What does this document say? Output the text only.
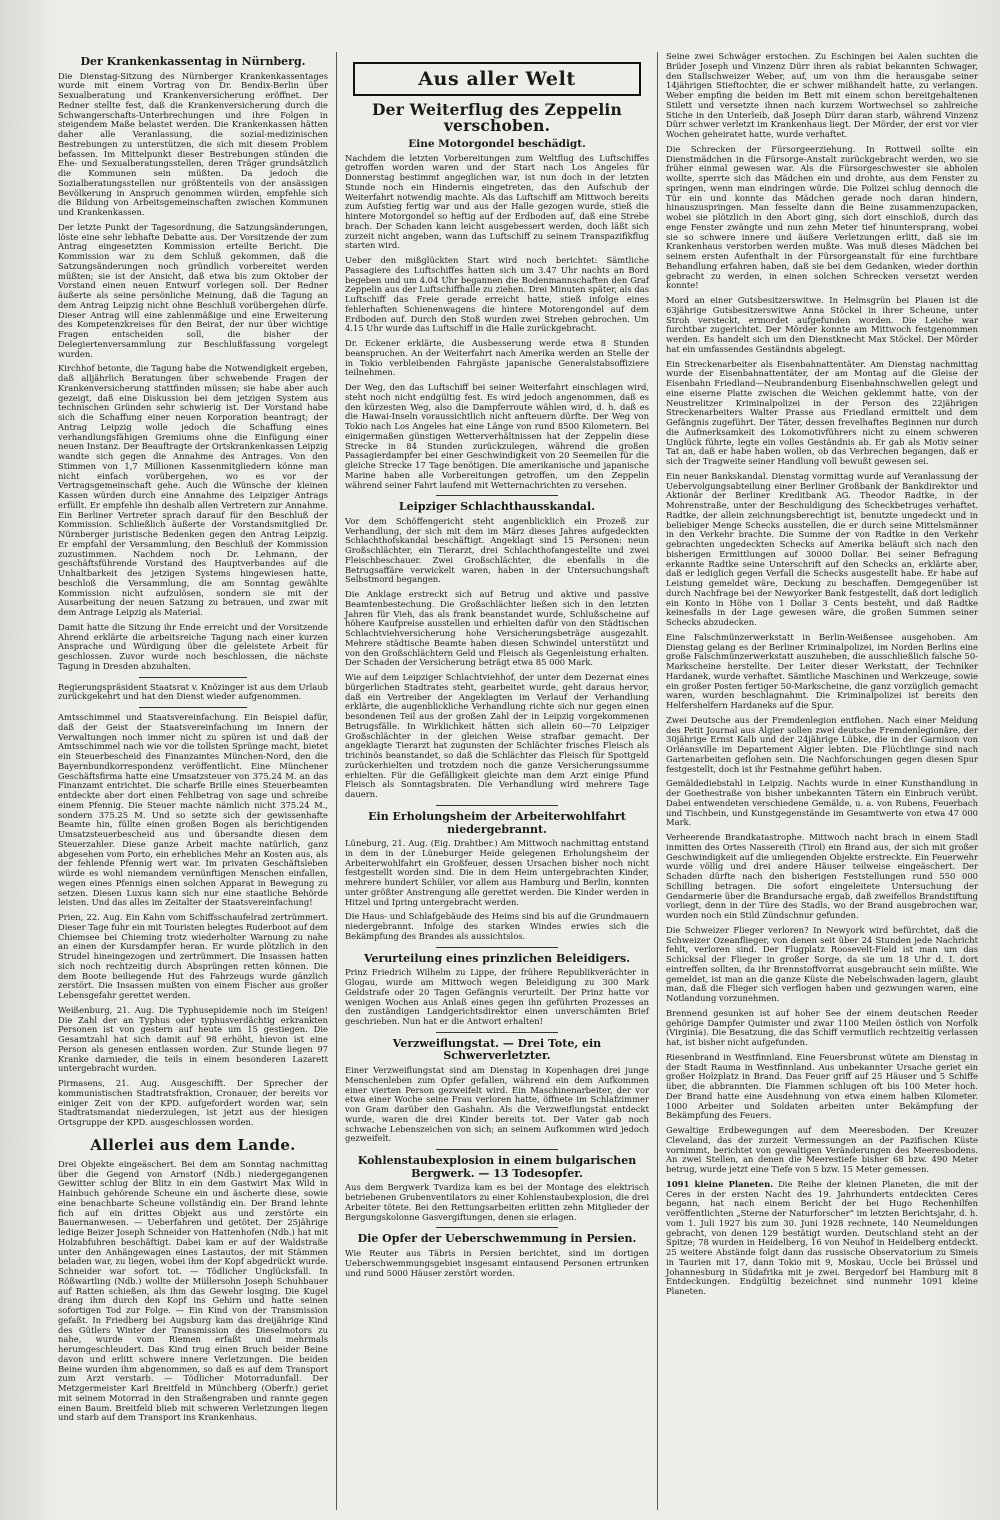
Der Krankenkassentag in Nürnberg.

Die Dienstag-Sitzung des Nürnberger Krankenkassentages wurde mit einem Vortrag von Dr. Bendix-Berlin über Sexualberatung und Krankenversicherung eröffnet. Der Redner stellte fest, daß die Krankenversicherung durch die Schwangerschafts-Unterbrechungen und ihre Folgen in steigendem Maße belastet werden. Die Krankenkassen hätten daher alle Veranlassung, die sozial-medizinischen Bestrebungen zu unterstützen, die sich mit diesem Problem befassen. Im Mittelpunkt dieser Bestrebungen stünden die Ehe- und Sexualberatungsstellen, deren Träger grundsätzlich die Kommunen sein müßten. Da jedoch die Sozialberatungsstellen nur größtenteils von der ansässigen Bevölkerung in Anspruch genommen würden, empfehle sich die Bildung von Arbeitsgemeinschaften zwischen Kommunen und Krankenkassen.

Der letzte Punkt der Tagesordnung, die Satzungsänderungen, löste eine sehr lebhafte Debatte aus. Der Vorsitzende der zum Antrag eingesetzten Kommission erteilte Bericht. Die Kommission war zu dem Schluß gekommen, daß die Satzungsänderungen noch gründlich vorbereitet werden müßten; sie ist der Ansicht, daß etwa bis zum Oktober der Vorstand einen neuen Entwurf vorlegen soll. Der Redner äußerte als seine persönliche Meinung, daß die Tagung an dem Antrag Leipzig nicht ohne Beschluß vorübergehen dürfe. Dieser Antrag will eine zahlenmäßige und eine Erweiterung des Kompetenzkreises für den Beirat, der nur über wichtige Fragen entscheiden soll, die bisher der Delegiertenversammlung zur Beschlußfassung vorgelegt wurden.

Kirchhof betonte, die Tagung habe die Notwendigkeit ergeben, daß alljährlich Beratungen über schwebende Fragen der Krankenversicherung stattfinden müssen; sie habe aber auch gezeigt, daß eine Diskussion bei dem jetzigen System aus technischen Gründen sehr schwierig ist. Der Vorstand habe sich die Schaffung einer neuen Korporation beantragt; der Antrag Leipzig wolle jedoch die Schaffung eines verhandlungsfähigen Gremiums ohne die Einfügung einer neuen Instanz. Der Beauftragte der Ortskrankenkassen Leipzig wandte sich gegen die Annahme des Antrages. Von den Stimmen von 1,7 Millionen Kassenmitgliedern könne man nicht einfach vorübergehen, wo es vor der Vertragsgemeinschaft gehe. Auch die Wünsche der kleinen Kassen würden durch eine Annahme des Leipziger Antrags erfüllt. Er empfehle ihn deshalb allen Vertretern zur Annahme. Ein Berliner Vertreter sprach darauf für den Beschluß der Kommission. Schließlich äußerte der Vorstandsmitglied Dr. Nürnberger juristische Bedenken gegen den Antrag Leipzig. Er empfahl der Versammlung, den Beschluß der Kommission zuzustimmen. Nachdem noch Dr. Lehmann, der geschäftsführende Vorstand des Hauptverbandes auf die Unhaltbarkeit des jetzigen Systems hingewiesen hatte, beschloß die Versammlung, die am Sonntag gewählte Kommission nicht aufzulösen, sondern sie mit der Ausarbeitung der neuen Satzung zu betrauen, und zwar mit dem Antrage Leipzig als Material.

Damit hatte die Sitzung ihr Ende erreicht und der Vorsitzende Ahrend erklärte die arbeitsreiche Tagung nach einer kurzen Ansprache und Würdigung über die geleistete Arbeit für geschlossen. Zuvor wurde noch beschlossen, die nächste Tagung in Dresden abzuhalten.

Regierungspräsident Staatsrat v. Knözinger ist aus dem Urlaub zurückgekehrt und hat den Dienst wieder aufgenommen.

Amtsschimmel und Staatsvereinfachung. Ein Beispiel dafür, daß der Geist der Staatsvereinfachung im Innern der Verwaltungen noch immer nicht zu spüren ist und daß der Amtsschimmel nach wie vor die tollsten Sprünge macht, bietet ein Steuerbescheid des Finanzamtes München-Nord, den die Bayernbundkorrespondenz veröffentlicht. Eine Münchener Geschäftsfirma hatte eine Umsatzsteuer von 375.24 M. an das Finanzamt entrichtet. Die scharfe Brille eines Steuerbeamten entdeckte aber dort einen Fehlbetrag von sage und schreibe einem Pfennig. Die Steuer machte nämlich nicht 375.24 M., sondern 375.25 M. Und so setzte sich der gewissenhafte Beamte hin, füllte einen großen Bogen als berichtigenden Umsatzsteuerbescheid aus und übersandte diesen dem Steuerzahler. Diese ganze Arbeit machte natürlich, ganz abgesehen vom Porto, ein erhebliches Mehr an Kosten aus, als der fehlende Pfennig wert war. Im privaten Geschäftsleben würde es wohl niemandem vernünftigen Menschen einfallen, wegen eines Pfennigs einen solchen Apparat in Bewegung zu setzen. Diesen Luxus kann sich nur eine staatliche Behörde leisten. Und das alles im Zeitalter der Staatsvereinfachung!

Prien, 22. Aug. Ein Kahn vom Schiffsschaufelrad zertrümmert. Dieser Tage fuhr ein mit Touristen belegtes Ruderboot auf dem Chiemsee bei Chieming trotz wiederholter Warnung zu nahe an einen der Kursdampfer heran. Er wurde plötzlich in den Strudel hineingezogen und zertrümmert. Die Insassen hatten sich noch rechtzeitig durch Absprüngen retten können. Die dem Boote beiliegende Hut des Fahrzeugs wurde gänzlich zerstört. Die Insassen mußten von einem Fischer aus großer Lebensgefahr gerettet werden.

Weißenburg, 21. Aug. Die Typhusepidemie noch im Steigen! Die Zahl der an Typhus oder typhusverdächtig erkrankten Personen ist von gestern auf heute um 15 gestiegen. Die Gesamtzahl hat sich damit auf 98 erhöht, hievon ist eine Person als genesen entlassen worden. Zur Stunde liegen 97 Kranke darnieder, die teils in einem besonderen Lazarett untergebracht wurden.

Pirmasens, 21. Aug. Ausgeschifft. Der Sprecher der kommunistischen Stadtratsfraktion, Cronauer, der bereits vor einiger Zeit von der KPD. aufgefordert worden war, sein Stadtratsmandat niederzulegen, ist jetzt aus der hiesigen Ortsgruppe der KPD. ausgeschlossen worden.

Allerlei aus dem Lande.

Drei Objekte eingeäschert. Bei dem am Sonntag nachmittag über die Gegend von Arnstorf (Ndb.) niedergegangenen Gewitter schlug der Blitz in ein dem Gastwirt Max Wild in Hainbuch gehörende Scheune ein und äscherte diese, sowie eine benachbarte Scheune vollständig ein. Der Brand lehnte fich auf ein drittes Objekt aus und zerstörte ein Bauernanwesen. — Ueberfahren und getötet. Der 25jährige ledige Beizer Joseph Schneider von Hattenhofen (Ndb.) hat mit Holzabfuhren beschäftigt. Dabei kam er auf der Waldstraße unter den Anhängewagen eines Lastautos, der mit Stämmen beladen war, zu liegen, wobei ihm der Kopf abgedrückt wurde. Schneider war sofort tot. — Tödlicher Unglücksfall. In Rößwartling (Ndb.) wollte der Müllersohn Joseph Schuhbauer auf Ratten schießen, als ihm das Gewehr losging. Die Kugel drang ihm durch den Kopf ins Gehirn und hatte seinen sofortigen Tod zur Folge. — Ein Kind von der Transmission gefaßt. In Friedberg bei Augsburg kam das dreijährige Kind des Gütlers Winter der Transmission des Dieselmotors zu nahe, wurde vom Riemen erfaßt und mehrmals herumgeschleudert. Das Kind trug einen Bruch beider Beine davon und erlitt schwere innere Verletzungen. Die beiden Beine wurden ihm abgenommen, so daß es auf dem Transport zum Arzt verstarb. — Tödlicher Motorradunfall. Der Metzgermeister Karl Breitfeld in Münchberg (Oberfr.) geriet mit seinem Motorrad in den Straßengraben und rannte gegen einen Baum. Breitfeld blieb mit schweren Verletzungen liegen und starb auf dem Transport ins Krankenhaus.

Aus aller Welt
Der Weiterflug des Zeppelin verschoben.
Eine Motorgondel beschädigt.

Nachdem die letzten Vorbereitungen zum Weltflug des Luftschiffes getroffen worden waren und der Start nach Los Angeles für Donnerstag bestimmt angeglichen war, ist nun doch in der letzten Stunde noch ein Hindernis eingetreten, das den Aufschub der Weiterfahrt notwendig machte. Als das Luftschiff am Mittwoch bereits zum Aufstieg fertig war und aus der Halle gezogen wurde, stieß die hintere Motorgondel so heftig auf der Erdboden auf, daß eine Strebe brach. Der Schaden kann leicht ausgebessert werden, doch läßt sich zurzeit nicht angeben, wann das Luftschiff zu seinem Transpazifikflug starten wird.

Ueber den mißglückten Start wird noch berichtet: Sämtliche Passagiere des Luftschiffes hatten sich um 3.47 Uhr nachts an Bord begeben und um 4.04 Uhr begannen die Bodenmannschaften den Graf Zeppelin aus der Luftschiffhalle zu ziehen. Drei Minuten später, als das Luftschiff das Freie gerade erreicht hatte, stieß infolge eines fehlerhaften Schienenwagens die hintere Motorengondel auf dem Erdboden auf. Durch den Stoß wurden zwei Streben gebrochen. Um 4.15 Uhr wurde das Luftschiff in die Halle zurückgebracht.

Dr. Eckener erklärte, die Ausbesserung werde etwa 8 Stunden beanspruchen. An der Weiterfahrt nach Amerika werden an Stelle der in Tokio verbleibenden Fahrgäste japanische Generalstabsoffiziere teilnehmen.

Der Weg, den das Luftschiff bei seiner Weiterfahrt einschlagen wird, steht noch nicht endgültig fest. Es wird jedoch angenommen, daß es den kürzesten Weg, also die Dampferroute wählen wird, d. h. daß es die Hawai-Inseln voraussichtlich nicht anfteuern dürfte. Der Weg von Tokio nach Los Angeles hat eine Länge von rund 8500 Kilometern. Bei einigermaßen günstigen Wetterverhältnissen hat der Zeppelin diese Strecke in 84 Stunden zurückzulegen, während die großen Passagierdampfer bei einer Geschwindigkeit von 20 Seemeilen für die gleiche Strecke 17 Tage benötigen. Die amerikanische und japanische Marine haben alle Vorbereitungen getroffen, um den Zeppelin während seiner Fahrt laufend mit Wetternachrichten zu versehen.

Leipziger Schlachthausskandal.

Vor dem Schöffengericht steht augenblicklich ein Prozeß zur Verhandlung, der sich mit dem im März dieses Jahres aufgedeckten Schlachthofskandal beschäftigt. Angeklagt sind 15 Personen: neun Großschlächter, ein Tierarzt, drei Schlachthofangestellte und zwei Fleischbeschauer. Zwei Großschlächter, die ebenfalls in die Betrugsaffäre verwickelt waren, haben in der Untersuchungshaft Selbstmord begangen.

Die Anklage erstreckt sich auf Betrug und aktive und passive Beamtenbestechung. Die Großschlächter ließen sich in den letzten Jahren für Vieh, das als frank beanstandet wurde, Schlußscheine auf höhere Kaufpreise ausstellen und erhielten dafür von den Städtischen Schlachtviehversicherung hohe Versicherungsbeträge ausgezahlt. Mehrere städtische Beamte haben diesen Schwindel unterstützt und von den Großschlächtern Geld und Fleisch als Gegenleistung erhalten. Der Schaden der Versicherung beträgt etwa 85 000 Mark.

Wie auf dem Leipziger Schlachtviehhof, der unter dem Dezernat eines bürgerlichen Stadtrates steht, gearbeitet wurde, geht daraus hervor, daß ein Vertreiber der Angeklagten im Verlauf der Verhandlung erklärte, die augenblickliche Verhandlung richte sich nur gegen einen besondenen Teil aus der großen Zahl der in Leipzig vorgekommenen Betrugsfälle. In Wirklichkeit hätten sich allein 60—70 Leipziger Großschlächter in der gleichen Weise strafbar gemacht. Der angeklagte Tierarzt hat zugunsten der Schlächter frisches Fleisch als trichinös beanstandet, so daß die Schlächter das Fleisch für Spottgeld zurückerhielten und trotzdem noch die ganze Versicherungssumme erhielten. Für die Gefälligkeit gleichte man dem Arzt einige Pfund Fleisch als Sonntagsbraten. Die Verhandlung wird mehrere Tage dauern.

Ein Erholungsheim der Arbeiterwohlfahrt niedergebrannt.

Lüneburg, 21. Aug. (Eig. Drahtber.) Am Mittwoch nachmittag entstand in dem in der Lüneburger Heide gelegenen Erholungsheim der Arbeiterwohlfahrt ein Großfeuer, dessen Ursachen bisher noch nicht festgestellt worden sind. Die in dem Heim untergebrachten Kinder, mehrere hundert Schüler, vor allem aus Hamburg und Berlin, konnten unter größter Anstrengung alle gerettet werden. Die Kinder werden in Hitzel und Ipring untergebracht werden.

Die Haus- und Schlafgebäude des Heims sind bis auf die Grundmauern niedergebrannt. Infolge des starken Windes erwies sich die Bekämpfung des Brandes als aussichtslos.

Verurteilung eines prinzlichen Beleidigers.

Prinz Friedrich Wilhelm zu Lippe, der frühere Republikverächter in Glogau, wurde am Mittwoch wegen Beleidigung zu 300 Mark Geldstrafe oder 20 Tagen Gefängnis verurteilt. Der Prinz hatte vor wenigen Wochen aus Anlaß eines gegen ihn geführten Prozesses an den zuständigen Landgerichtsdirektor einen unverschämten Brief geschrieben. Nun hat er die Antwort erhalten!

Verzweiflungstat. — Drei Tote, ein Schwerverletzter.

Einer Verzweiflungstat sind am Dienstag in Kopenhagen drei junge Menschenleben zum Opfer gefallen, während ein dem Aufkommen einer vierten Person gezweifelt wird. Ein Maschinenarbeiter, der vor etwa einer Woche seine Frau verloren hatte, öffnete im Schlafzimmer von Gram darüber den Gashahn. Als die Verzweiflungstat entdeckt wurde, waren die drei Kinder bereits tot. Der Vater gab noch schwache Lebenszeichen von sich; an seinem Aufkommen wird jedoch gezweifelt.

Kohlenstaubexplosion in einem bulgarischen Bergwerk. — 13 Todesopfer.

Aus dem Bergwerk Tvardiza kam es bei der Montage des elektrisch betriebenen Grubenventilators zu einer Kohlenstaubexplosion, die drei Arbeiter tötete. Bei den Rettungsarbeiten erlitten zehn Mitglieder der Bergungskolonne Gasvergiftungen, denen sie erlagen.

Die Opfer der Ueberschwemmung in Persien.

Wie Reuter aus Täbris in Persien berichtet, sind im dortigen Ueberschwemmungsgebiet insgesamt eintausend Personen ertrunken und rund 5000 Häuser zerstört worden.

Seine zwei Schwäger erstochen. Zu Eschingen bei Aalen suchten die Brüder Joseph und Vinzenz Dürr ihren als rabiat bekannten Schwager, den Stallschweizer Weber, auf, um von ihm die herausgabe seiner 14jährigen Stieftochter, die er schwer mißhandelt hatte, zu verlangen. Weber empfing die beiden im Bett mit einem schon bereitgehaltenen Stilett und versetzte ihnen nach kurzem Wortwechsel so zahlreiche Stiche in den Unterleib, daß Joseph Dürr daran starb, während Vinzenz Dürr schwer verletzt im Krankenhaus liegt. Der Mörder, der erst vor vier Wochen geheiratet hatte, wurde verhaftet.

Die Schrecken der Fürsorgeerziehung. In Rottweil sollte ein Dienstmädchen in die Fürsorge-Anstalt zurückgebracht werden, wo sie früher einmal gewesen war. Als die Fürsorgeschwester sie abholen wollte, sperrte sich das Mädchen ein und drohte, aus dem Fenster zu springen, wenn man eindringen würde. Die Polizei schlug dennoch die Tür ein und konnte das Mädchen gerade noch daran hindern, hinauszuspringen. Man fesselte dann die Beine zusammenzupacken, wobei sie plötzlich in den Abort ging, sich dort einschloß, durch das enge Fenster zwängte und nun zehn Meter tief hinuntersprang, wobei sie so schwere innere und äußere Verletzungen erlitt, daß sie im Krankenhaus verstorben werden mußte. Was muß dieses Mädchen bei seinem ersten Aufenthalt in der Fürsorgeanstalt für eine furchtbare Behandlung erfahren haben, daß sie bei dem Gedanken, wieder dorthin gebracht zu werden, in einen solchen Schrecken versetzt werden konnte!

Mord an einer Gutsbesitzerswitwe. In Helmsgrün bei Plauen ist die 63jährige Gutsbesitzerswitwe Anna Stöckel in ihrer Scheune, unter Stroh versteckt, ermordet aufgefunden worden. Die Leiche war furchtbar zugerichtet. Der Mörder konnte am Mittwoch festgenommen werden. Es handelt sich um den Dienstknecht Max Stöckel. Der Mörder hat ein umfassendes Geständnis abgelegt.

Ein Streckenarbeiter als Eisenbahnattentäter. Am Dienstag nachmittag wurde der Eisenbahnattentäter, der am Montag auf die Gleise der Eisenbahn Friedland—Neubrandenburg Eisenbahnschwellen gelegt und eine eiserne Platte zwischen die Weichen geklemmt hatte, von der Neustrelitzer Kriminalpolizei in der Person des 22jährigen Streckenarbeiters Walter Prasse aus Friedland ermittelt und dem Gefängnis zugeführt. Der Täter, dessen frevelhaftes Beginnen nur durch die Aufmerksamkeit des Lokomotivführers nicht zu einem schweren Unglück führte, legte ein volles Geständnis ab. Er gab als Motiv seiner Tat an, daß er habe haben wollen, ob das Verbrechen begangen, daß er sich der Tragweite seiner Handlung voll bewußt gewesen sei.

Ein neuer Bankskandal. Dienstag vormittag wurde auf Veranlassung der Uebervolgungsabteilung einer Berliner Großbank der Bankdirektor und Aktionär der Berliner Kreditbank AG. Theodor Radtke, in der Mohrenstraße, unter der Beschuldigung des Scheckbetruges verhaftet. Radtke, der allein zeichnungsberechtigt ist, benutzte ungedeckt und in beliebiger Menge Schecks ausstellen, die er durch seine Mittelsmänner in den Verkehr brachte. Die Summe der von Radtke in den Verkehr gebrachten ungedeckten Schecks auf Amerika beläuft sich nach den bisherigen Ermittlungen auf 30000 Dollar. Bei seiner Befragung erkannte Radtke seine Unterschrift auf den Schecks an, erklärte aber, daß er lediglich gegen Verfall die Schecks ausgestellt habe. Er habe auf Leistung gemeldet wäre, Deckung zu beschaffen. Demgegenüber ist durch Nachfrage bei der Newyorker Bank festgestellt, daß dort lediglich ein Konto in Höhe von 1 Dollar 3 Cents besteht, und daß Radtke keinesfalls in der Lage gewesen wäre, die großen Summen seiner Schecks abzudecken.

Eine Falschmünzerwerkstatt in Berlin-Weißensee ausgehoben. Am Dienstag gelang es der Berliner Kriminalpolizei, im Norden Berlins eine große Falschmünzerwerkstatt auszuheben, die ausschließlich falsche 50-Markscheine herstellte. Der Leiter dieser Werkstatt, der Techniker Hardanek, wurde verhaftet. Sämtliche Maschinen und Werkzeuge, sowie ein großer Posten fertiger 50-Markscheine, die ganz vorzüglich gemacht waren, wurden beschlagnahmt. Die Kriminalpolizei ist bereits den Helfershelfern Hardaneks auf die Spur.

Zwei Deutsche aus der Fremdenlegion entflohen. Nach einer Meldung des Petit Journal aus Algier sollen zwei deutsche Fremdenlegionäre, der 30jährige Ernst Kalb und der 24jährige Lübke, die in der Garnison von Orléansville im Departement Algier lebten. Die Flüchtlinge sind nach Gartenarbeiten geflohen sein. Die Nachforschungen gegen diesen Spur festgestellt, doch ist ihr Festnahme geführt haben.

Gemäldediebstahl in Leipzig. Nachts wurde in einer Kunsthandlung in der Goethestraße von bisher unbekannten Tätern ein Einbruch verübt. Dabei entwendeten verschiedene Gemälde, u. a. von Rubens, Feuerbach und Tischbein, und Kunstgegenstände im Gesamtwerte von etwa 47 000 Mark.

Verheerende Brandkatastrophe. Mittwoch nacht brach in einem Stadl inmitten des Ortes Nassereith (Tirol) ein Brand aus, der sich mit großer Geschwindigkeit auf die umliegenden Objekte erstreckte. Ein Feuerwehr wurde völlig und drei andere Häuser teilweise eingeäschert. Der Schaden dürfte nach den bisherigen Feststellungen rund 550 000 Schilling betragen. Die sofort eingeleitete Untersuchung der Gendarmerie über die Brandursache ergab, daß zweifellos Brandstiftung vorliegt, denn in der Türe des Stadls, wo der Brand ausgebrochen war, wurden noch ein Stild Zündschnur gefunden.

Die Schweizer Flieger verloren? In Newyork wird befürchtet, daß die Schweizer Ozeanflieger, von denen seit über 24 Stunden jede Nachricht fehlt, verloren sind. Der Flugplatz Roosevelt-Field ist man um das Schicksal der Flieger in großer Sorge, da sie um 18 Uhr d. I. dort eintreffen sollten, da ihr Brennstoffvorrat ausgebraucht sein müßte. Wie gemeldet, ist man an die ganze Küste die Nebelschwaden lagern, glaubt man, daß die Flieger sich verflogen haben und gezwungen waren, eine Notlandung vorzunehmen.

Brennend gesunken ist auf hoher See der einem deutschen Reeder gehörige Dampfer Quimister und zwar 1100 Meilen östlich von Norfolk (Virginia). Die Besatzung, die das Schiff vermutlich rechtzeitig verlassen hat, ist bisher nicht aufgefunden.

Riesenbrand in Westfinnland. Eine Feuersbrunst wütete am Dienstag in der Stadt Rauma in Westfinnland. Aus unbekannter Ursache geriet ein großer Holzplatz in Brand. Das Feuer griff auf 25 Häuser und 5 Schiffe über, die abbrannten. Die Flammen schlugen oft bis 100 Meter hoch. Der Brand hatte eine Ausdehnung von etwa einem halben Kilometer. 1000 Arbeiter und Soldaten arbeiten unter Bekämpfung der Bekämpfung des Feuers.

Gewaltige Erdbewegungen auf dem Meeresboden. Der Kreuzer Cleveland, das der zurzeit Vermessungen an der Pazifischen Küste vornimmt, berichtet von gewaltigen Veränderungen des Meeresbodens. An zwei Stellen, an denen die Meerestiefe bisher 68 bzw. 490 Meter betrug, wurde jetzt eine Tiefe von 5 bzw. 15 Meter gemessen.

1091 kleine Planeten. Die Reihe der kleinen Planeten, die mit der Ceres in der ersten Nacht des 19. Jahrhunderts entdeckten Ceres begann, hat nach einem Bericht der bei Hugo Rechenhilfen veröffentlichten „Sterne der Naturforscher“ im letzten Berichtsjahr, d. h. vom 1. Juli 1927 bis zum 30. Juni 1928 rechnete, 140 Neumeldungen gebracht, von denen 129 bestätigt wurden. Deutschland steht an der Spitze; 78 wurden in Heidelberg, 16 von Neuhof in Heidelberg entdeckt. 25 weitere Abstände folgt dann das russische Observatorium zu Simeis in Taurien mit 17, dann Tokio mit 9, Moskau, Uccle bei Brüssel und Johannesburg in Südafrika mit je zwei. Bergedorf bei Hamburg mit 8 Entdeckungen. Endgültig bezeichnet sind nunmehr 1091 kleine Planeten.
